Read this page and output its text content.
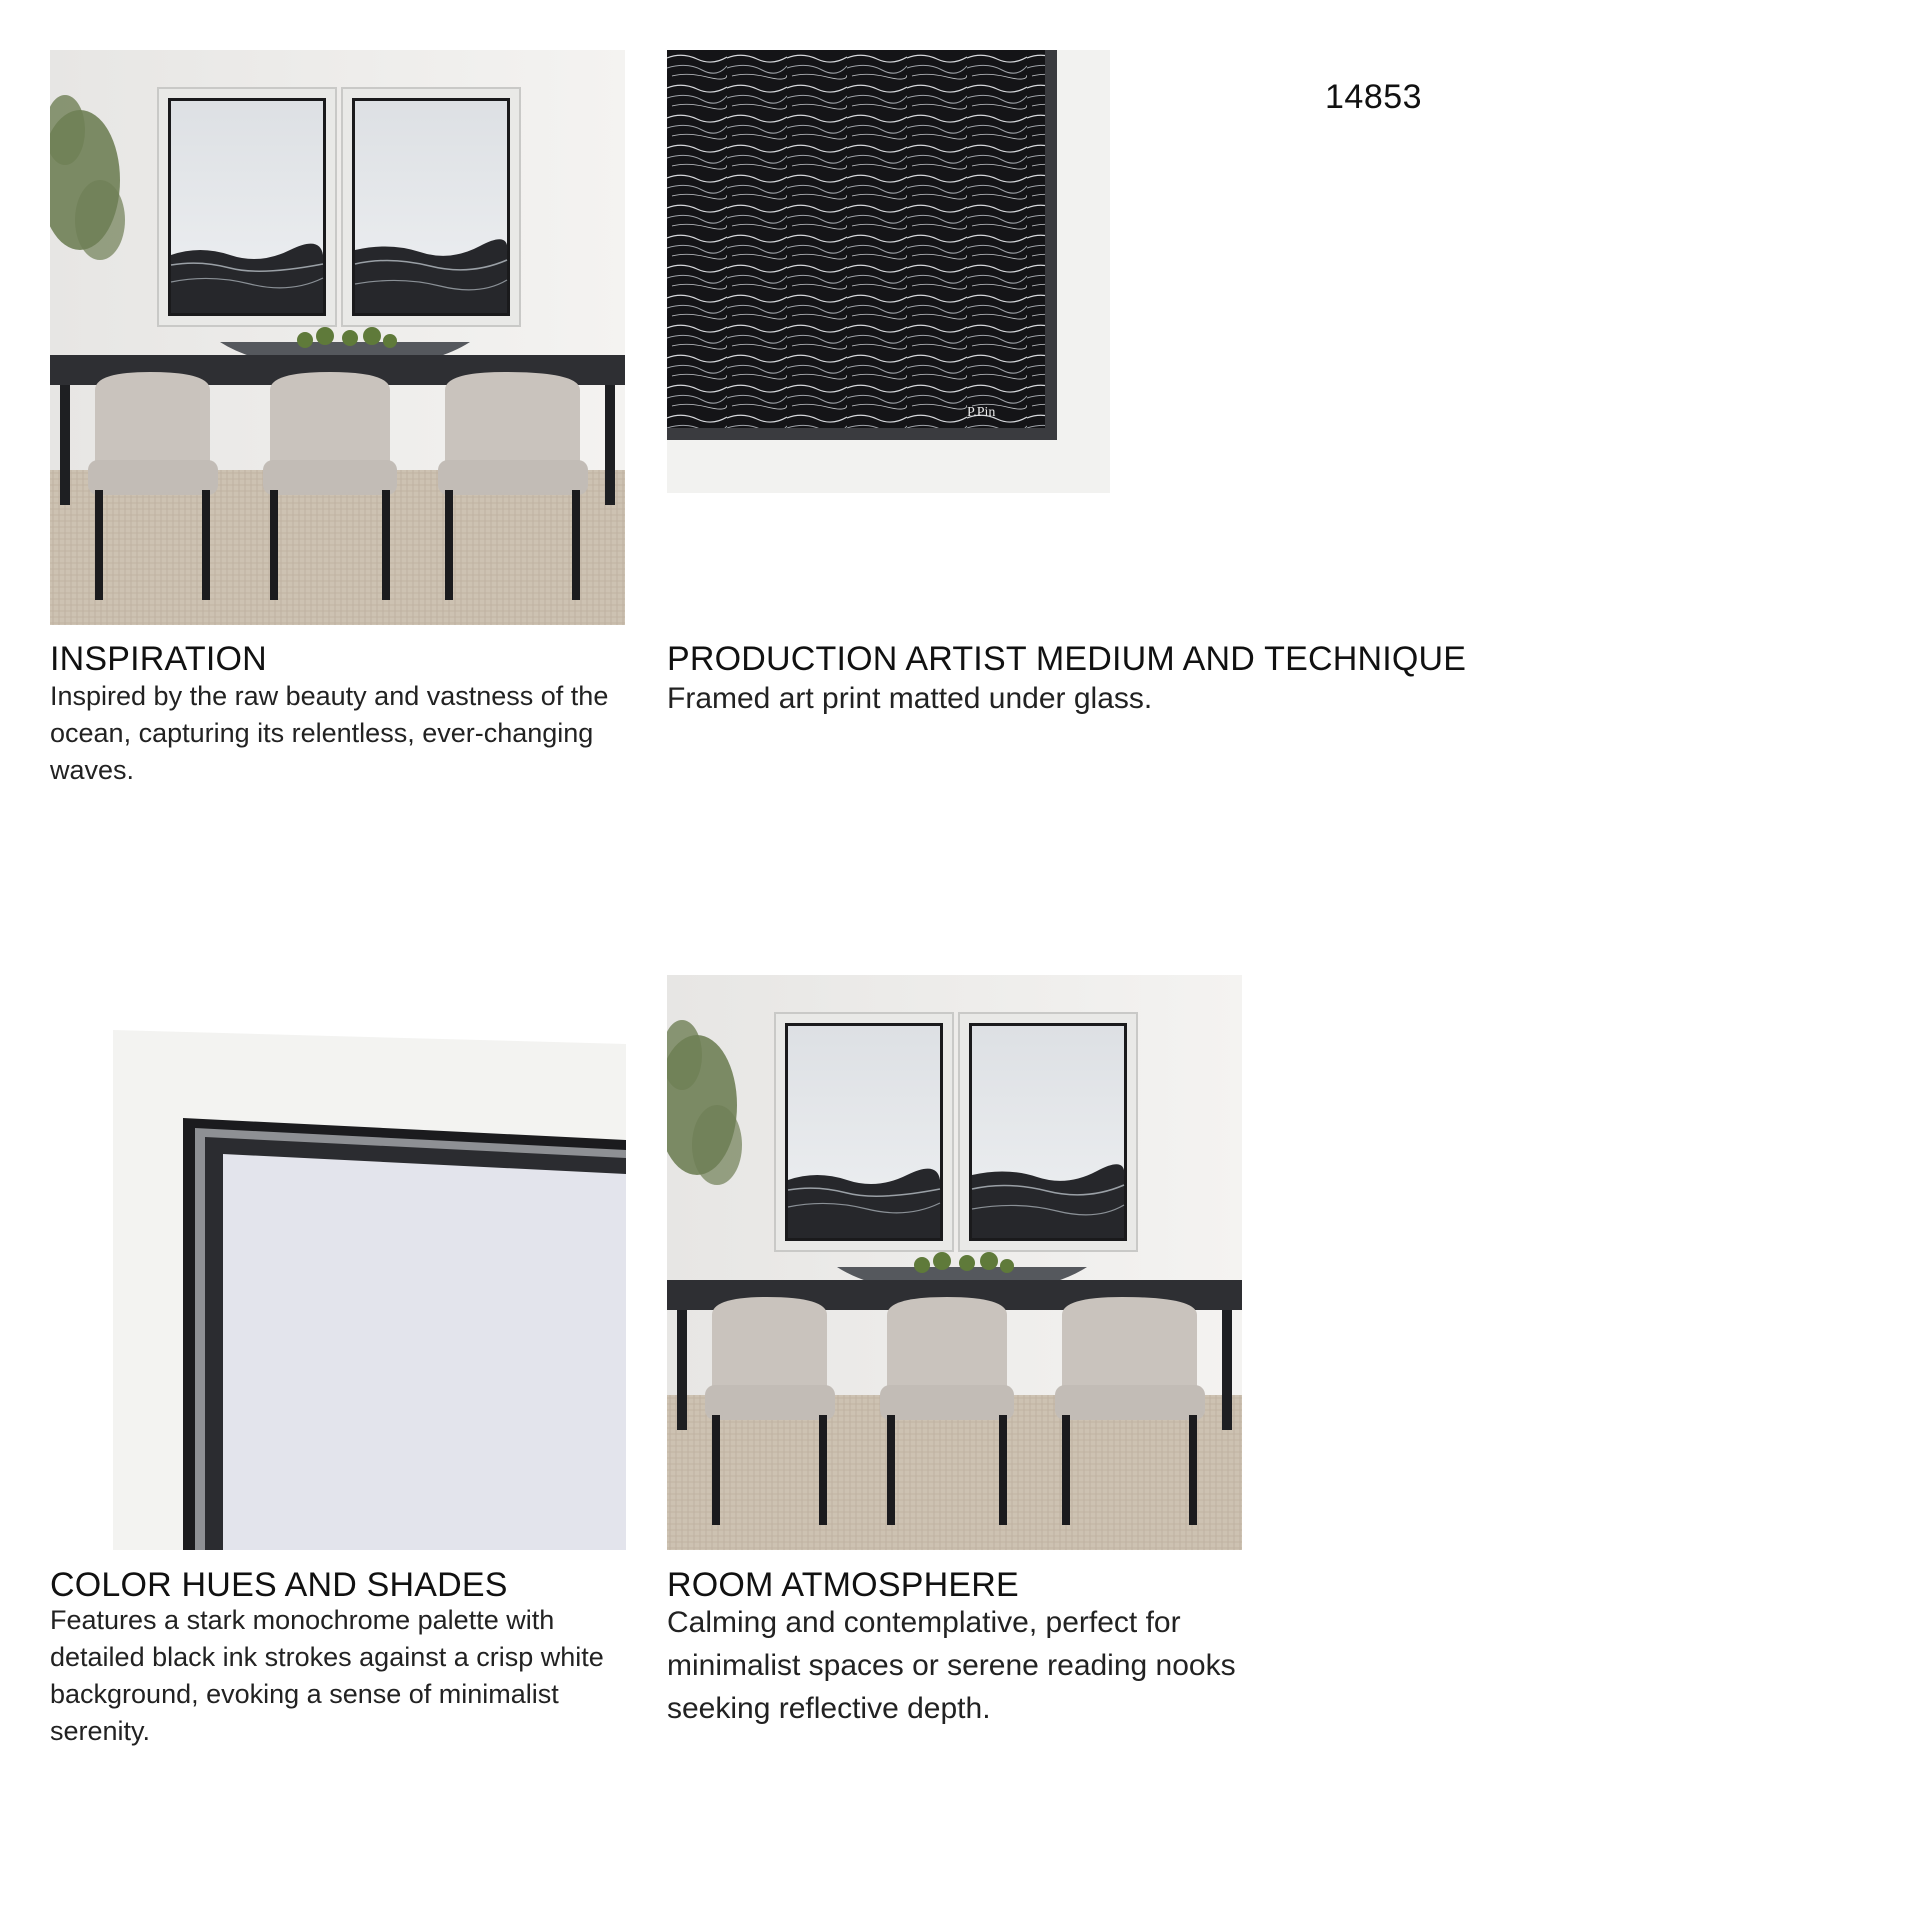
14853
P.Pin
INSPIRATION

Inspired by the raw beauty and vastness of the ocean, capturing its relentless, ever-changing waves.

PRODUCTION ARTIST MEDIUM AND TECHNIQUE

Framed art print matted under glass.

COLOR HUES AND SHADES

Features a stark monochrome palette with detailed black ink strokes against a crisp white background, evoking a sense of minimalist serenity.

ROOM ATMOSPHERE

Calming and contemplative, perfect for minimalist spaces or serene reading nooks seeking reflective depth.
